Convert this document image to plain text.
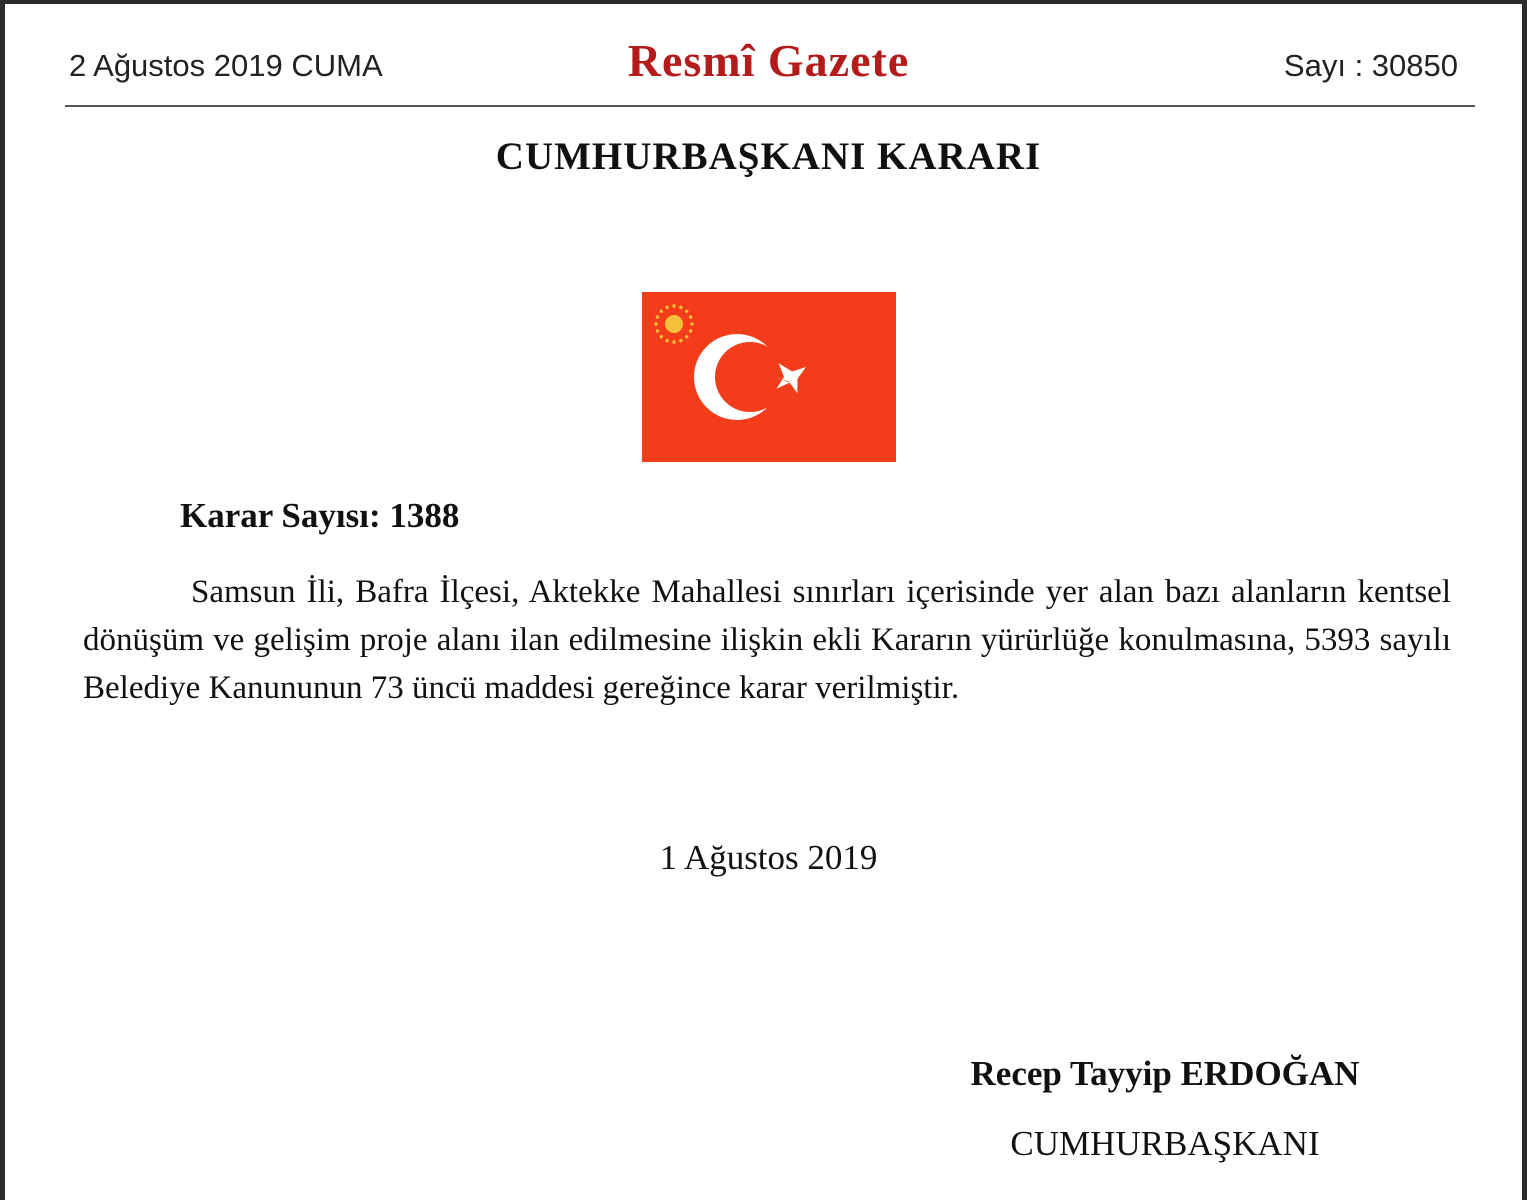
2 Ağustos 2019 CUMA	Resmî Gazete	Sayı : 30850
CUMHURBAŞKANI KARARI
Karar Sayısı: 1388

Samsun İli, Bafra İlçesi, Aktekke Mahallesi sınırları içerisinde yer alan bazı alanların kentsel dönüşüm ve gelişim proje alanı ilan edilmesine ilişkin ekli Kararın yürürlüğe konulmasına, 5393 sayılı Belediye Kanununun 73 üncü maddesi gereğince karar verilmiştir.

1 Ağustos 2019
Recep Tayyip ERDOĞAN
CUMHURBAŞKANI
